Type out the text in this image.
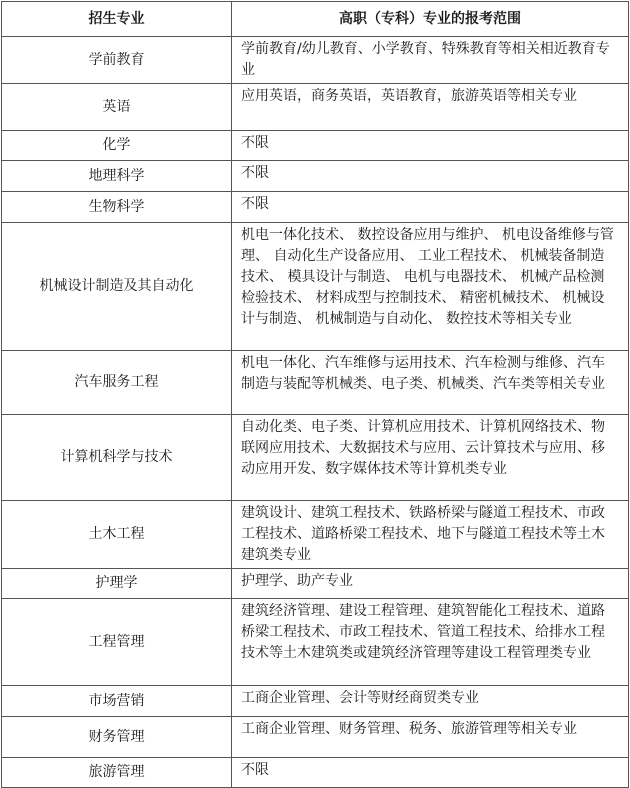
招生专业	高职（专科）专业的报考范围
学前教育	学前教育/幼儿教育、小学教育、特殊教育等相关相近教育专业
英语	应用英语，商务英语，英语教育，旅游英语等相关专业
化学	不限
地理科学	不限
生物科学	不限
机械设计制造及其自动化	机电一体化技术、 数控设备应用与维护、 机电设备维修与管理、 自动化生产设备应用、 工业工程技术、 机械装备制造技术、 模具设计与制造、 电机与电器技术、 机械产品检测检验技术、 材料成型与控制技术、 精密机械技术、 机械设计与制造、 机械制造与自动化、 数控技术等相关专业
汽车服务工程	机电一体化、汽车维修与运用技术、汽车检测与维修、汽车制造与装配等机械类、电子类、机械类、汽车类等相关专业
计算机科学与技术	自动化类、电子类、计算机应用技术、计算机网络技术、物联网应用技术、大数据技术与应用、云计算技术与应用、移动应用开发、数字媒体技术等计算机类专业
土木工程	建筑设计、建筑工程技术、铁路桥梁与隧道工程技术、市政工程技术、道路桥梁工程技术、地下与隧道工程技术等土木建筑类专业
护理学	护理学、助产专业
工程管理	建筑经济管理、建设工程管理、建筑智能化工程技术、道路桥梁工程技术、市政工程技术、管道工程技术、给排水工程技术等土木建筑类或建筑经济管理等建设工程管理类专业
市场营销	工商企业管理、会计等财经商贸类专业
财务管理	工商企业管理、财务管理、税务、旅游管理等相关专业
旅游管理	不限
